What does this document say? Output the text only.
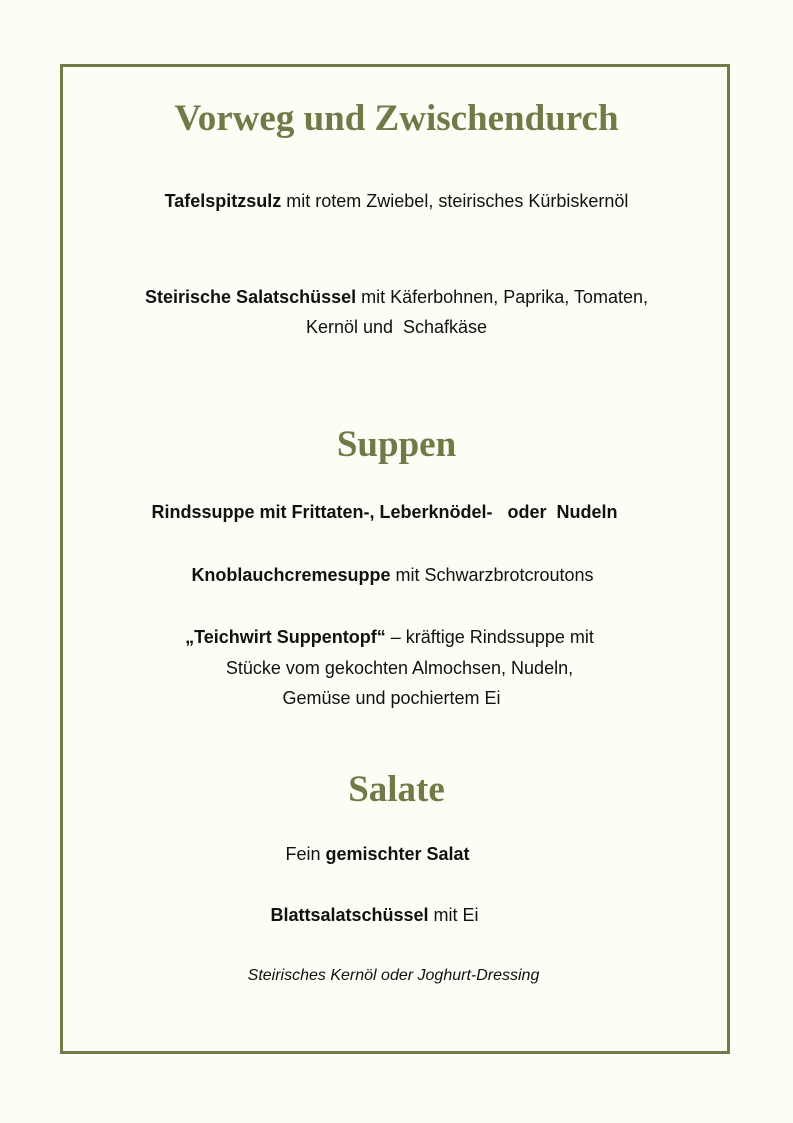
Vorweg und Zwischendurch
Tafelspitzsulz mit rotem Zwiebel, steirisches Kürbiskernöl
Steirische Salatschüssel mit Käferbohnen, Paprika, Tomaten,
Kernöl und  Schafkäse
Suppen
Rindssuppe mit Frittaten-, Leberknödel-   oder  Nudeln
Knoblauchcremesuppe mit Schwarzbrotcroutons
„Teichwirt Suppentopf“ – kräftige Rindssuppe mit
Stücke vom gekochten Almochsen, Nudeln,
Gemüse und pochiertem Ei
Salate
Fein gemischter Salat
Blattsalatschüssel mit Ei
Steirisches Kernöl oder Joghurt-Dressing
